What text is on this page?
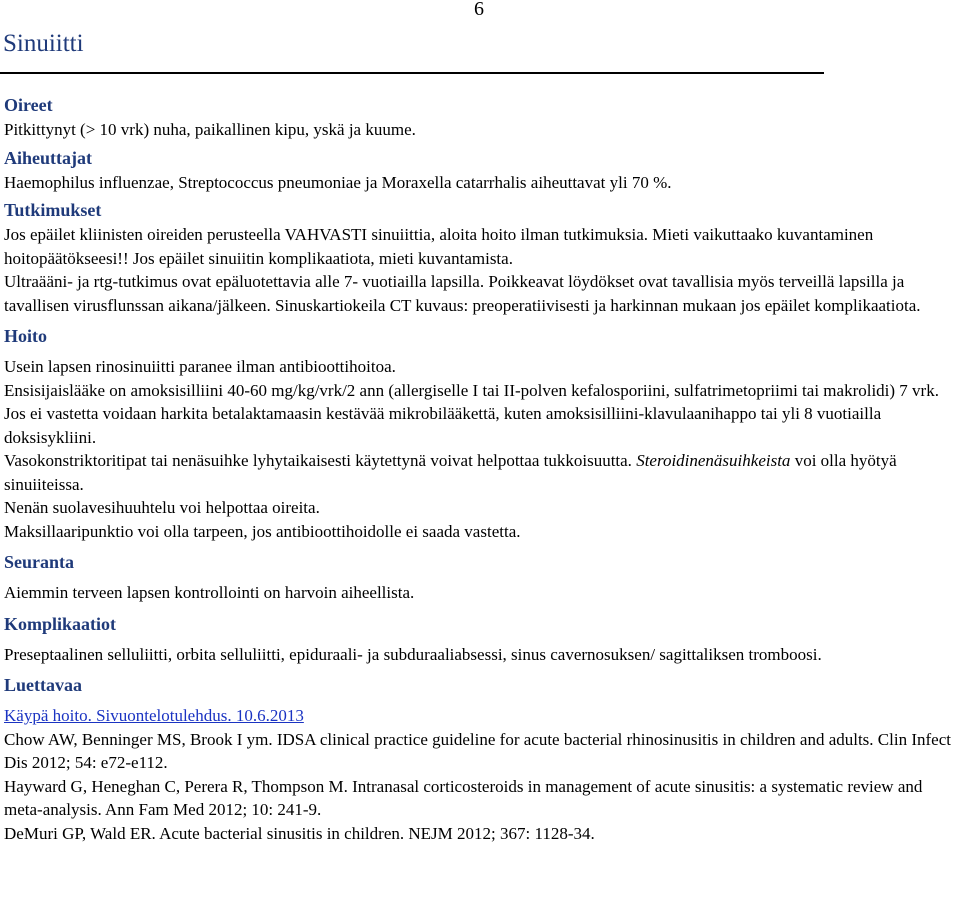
6
Sinuiitti
Oireet

Pitkittynyt (> 10 vrk) nuha, paikallinen kipu, yskä ja kuume.

Aiheuttajat

Haemophilus influenzae, Streptococcus pneumoniae ja Moraxella catarrhalis aiheuttavat yli 70 %.

Tutkimukset

Jos epäilet kliinisten oireiden perusteella VAHVASTI sinuiittia, aloita hoito ilman tutkimuksia. Mieti vaikuttaako kuvantaminen hoitopäätökseesi!! Jos epäilet sinuiitin komplikaatiota, mieti kuvantamista.

Ultraääni- ja rtg-tutkimus ovat epäluotettavia alle 7- vuotiailla lapsilla. Poikkeavat löydökset ovat tavallisia myös terveillä lapsilla ja tavallisen virusflunssan aikana/jälkeen. Sinuskartiokeila CT kuvaus: preoperatiivisesti ja harkinnan mukaan jos epäilet komplikaatiota.

Hoito

Usein lapsen rinosinuiitti paranee ilman antibioottihoitoa.

Ensisijaislääke on amoksisilliini 40-60 mg/kg/vrk/2 ann (allergiselle I tai II-polven kefalosporiini, sulfatrimetopriimi tai makrolidi) 7 vrk. Jos ei vastetta voidaan harkita betalaktamaasin kestävää mikrobilääkettä, kuten amoksisilliini-klavulaanihappo tai yli 8 vuotiailla doksisykliini.

Vasokonstriktoritipat tai nenäsuihke lyhytaikaisesti käytettynä voivat helpottaa tukkoisuutta. Steroidinenäsuihkeista voi olla hyötyä sinuiiteissa.

Nenän suolavesihuuhtelu voi helpottaa oireita.

Maksillaaripunktio voi olla tarpeen, jos antibioottihoidolle ei saada vastetta.

Seuranta

Aiemmin terveen lapsen kontrollointi on harvoin aiheellista.

Komplikaatiot

Preseptaalinen selluliitti, orbita selluliitti, epiduraali- ja subduraaliabsessi, sinus cavernosuksen/ sagittaliksen tromboosi.

Luettavaa

Käypä hoito. Sivuontelotulehdus. 10.6.2013

Chow AW, Benninger MS, Brook I ym. IDSA clinical practice guideline for acute bacterial rhinosinusitis in children and adults. Clin Infect Dis 2012; 54: e72-e112.

Hayward G, Heneghan C, Perera R, Thompson M. Intranasal corticosteroids in management of acute sinusitis: a systematic review and meta-analysis. Ann Fam Med 2012; 10: 241-9.

DeMuri GP, Wald ER. Acute bacterial sinusitis in children. NEJM 2012; 367: 1128-34.
